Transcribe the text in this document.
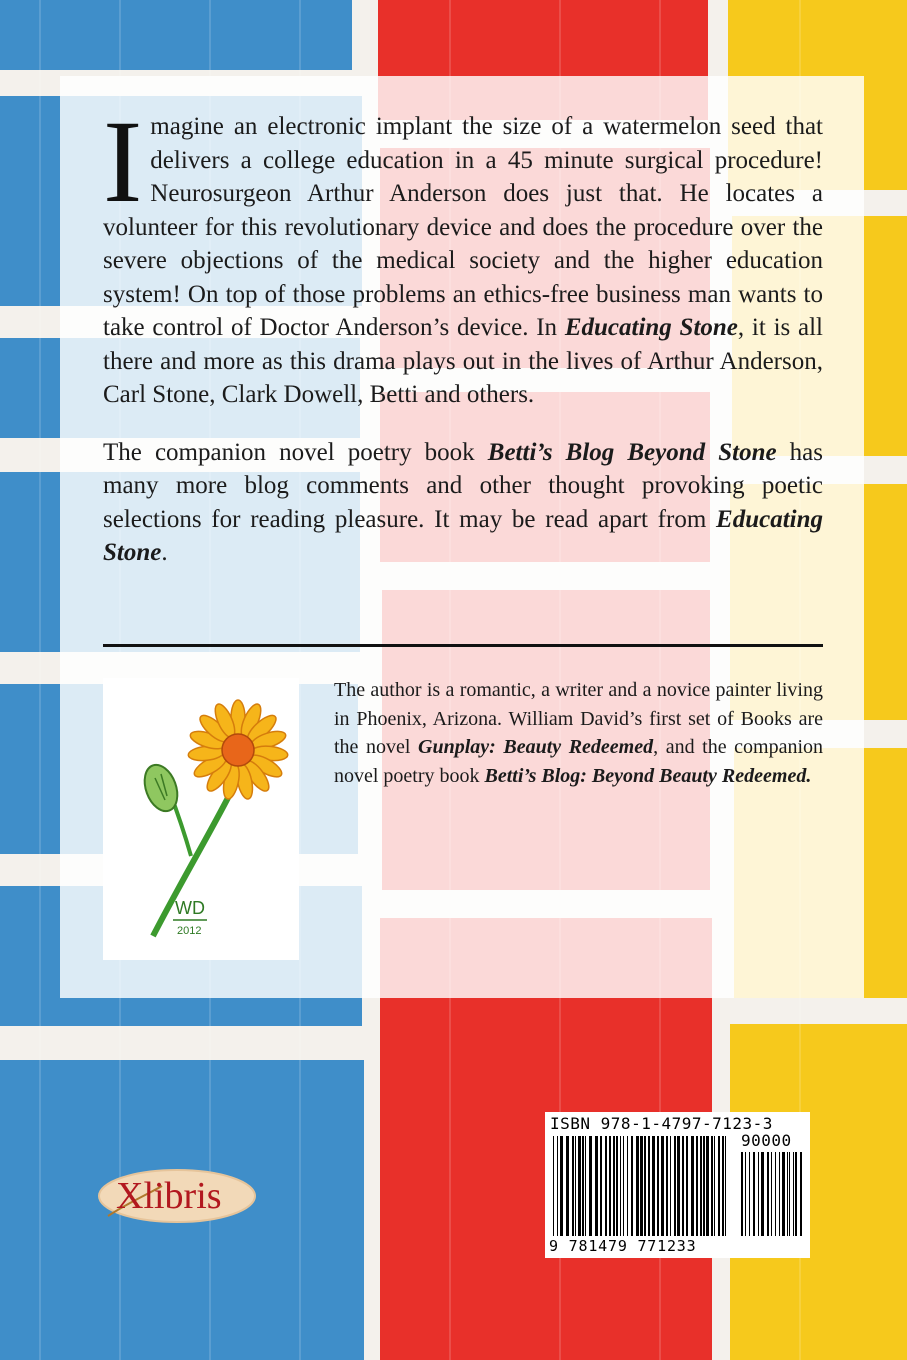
Imagine an electronic implant the size of a watermelon seed that delivers a college education in a 45 minute surgical procedure! Neurosurgeon Arthur Anderson does just that. He locates a volunteer for this revolutionary device and does the procedure over the severe objections of the medical society and the higher education system! On top of those problems an ethics-free business man wants to take control of Doctor Anderson’s device. In Educating Stone, it is all there and more as this drama plays out in the lives of Arthur Anderson, Carl Stone, Clark Dowell, Betti and others.

The companion novel poetry book Betti’s Blog Beyond Stone has many more blog comments and other thought provoking poetic selections for reading pleasure. It may be read apart from Educating Stone.

WD
2012

The author is a romantic, a writer and a novice painter living in Phoenix, Arizona. William David’s first set of Books are the novel Gunplay: Beauty Redeemed, and the companion novel poetry book Betti’s Blog: Beyond Beauty Redeemed.

ISBN 978-1-4797-7123-3
90000
9 781479 771233
Xlibris
